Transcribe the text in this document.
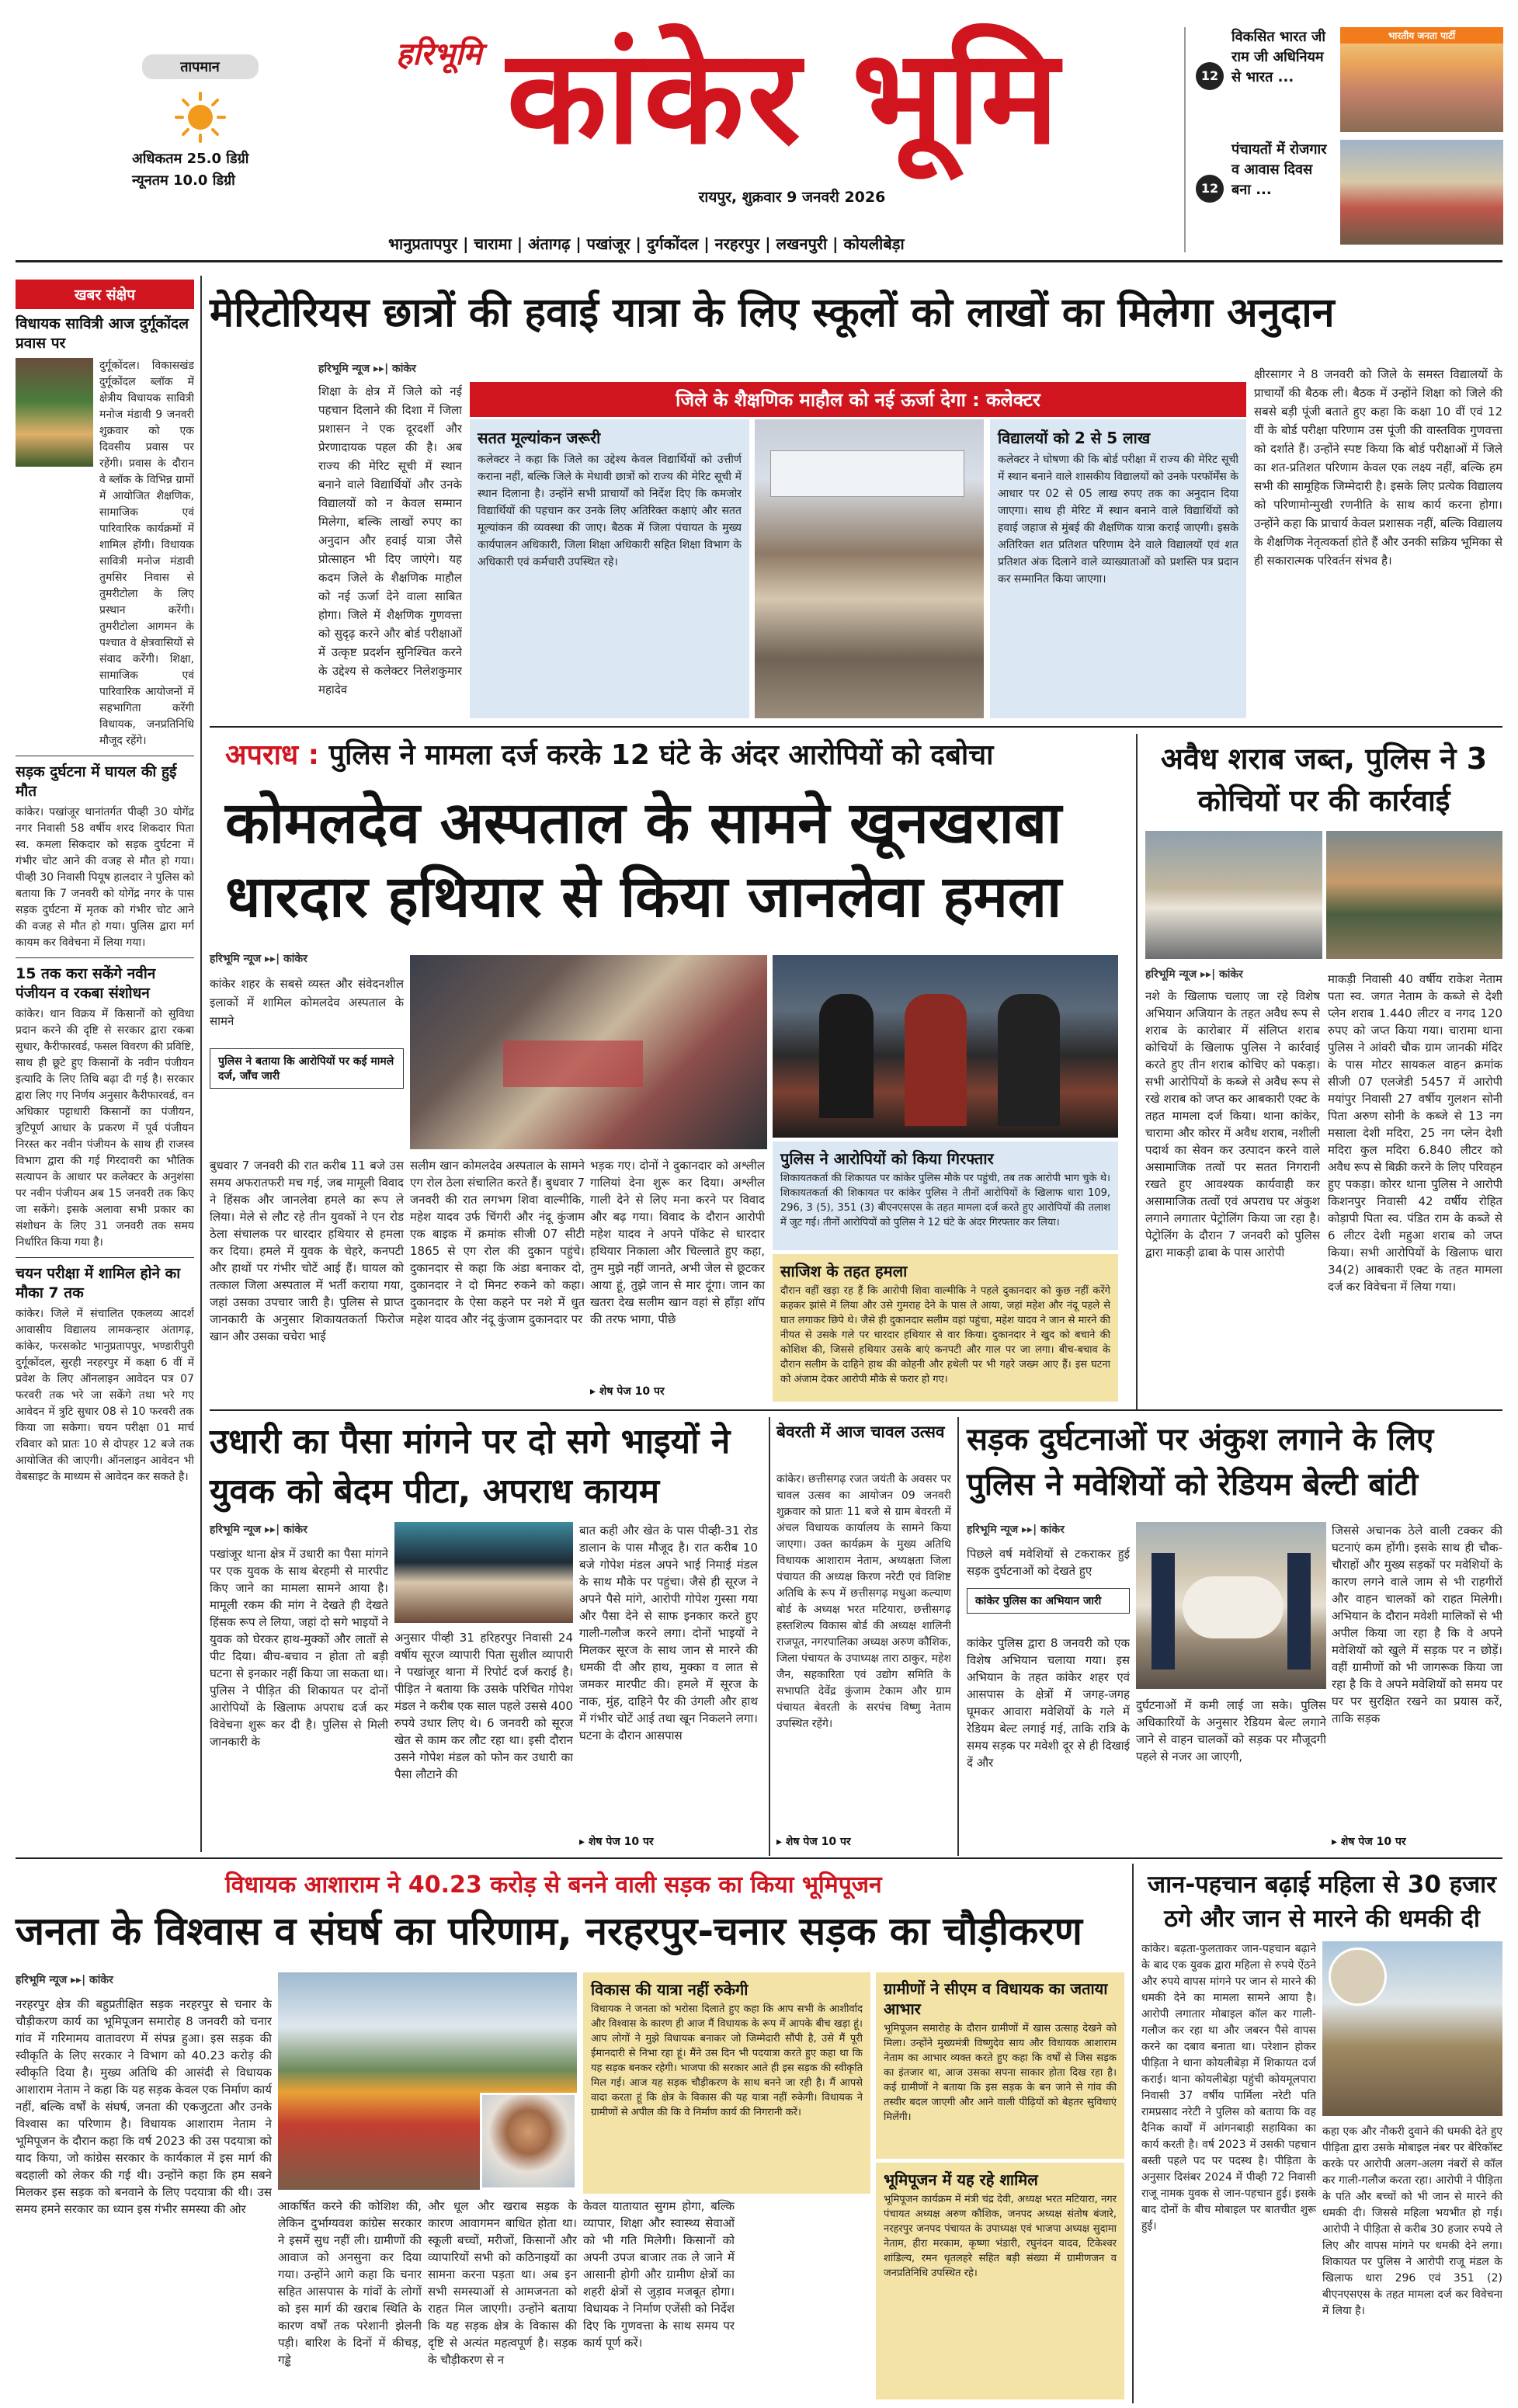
तापमान
अधिकतम 25.0 डिग्री
न्यूनतम 10.0 डिग्री
हरिभूमि कांकेर भूमि
रायपुर, शुक्रवार 9 जनवरी 2026
भानुप्रतापपुर | चारामा | अंतागढ़ | पखांजूर | दुर्गकोंदल | नरहरपुर | लखनपुरी | कोयलीबेड़ा
12
विकसित भारत जी राम जी अधिनियम से भारत ...
भारतीय जनता पार्टी
12
पंचायतों में रोजगार व आवास दिवस बना ...
खबर संक्षेप
विधायक सावित्री आज दुर्गूकोंदल प्रवास पर
दुर्गूकोंदल। विकासखंड दुर्गूकोंदल ब्लॉक में क्षेत्रीय विधायक सावित्री मनोज मंडावी 9 जनवरी शुक्रवार को एक दिवसीय प्रवास पर रहेंगी। प्रवास के दौरान वे ब्लॉक के विभिन्न ग्रामों में आयोजित शैक्षणिक, सामाजिक एवं पारिवारिक कार्यक्रमों में शामिल होंगी। विधायक सावित्री मनोज मंडावी तुमसिर निवास से तुमरीटोला के लिए प्रस्थान करेंगी। तुमरीटोला आगमन के पश्चात वे क्षेत्रवासियों से संवाद करेंगी। शिक्षा, सामाजिक एवं पारिवारिक आयोजनों में सहभागिता करेंगी विधायक, जनप्रतिनिधि मौजूद रहेंगे।
सड़क दुर्घटना में घायल की हुई मौत
कांकेर। पखांजूर थानांतर्गत पीव्ही 30 योगेंद्र नगर निवासी 58 वर्षीय शरद शिकदार पिता स्व. कमला सिकदार को सड़क दुर्घटना में गंभीर चोट आने की वजह से मौत हो गया। पीव्ही 30 निवासी पियूष हालदार ने पुलिस को बताया कि 7 जनवरी को योगेंद्र नगर के पास सड़क दुर्घटना में मृतक को गंभीर चोट आने की वजह से मौत हो गया। पुलिस द्वारा मर्ग कायम कर विवेचना में लिया गया।
15 तक करा सकेंगे नवीन पंजीयन व रकबा संशोधन
कांकेर। धान विक्रय में किसानों को सुविधा प्रदान करने की दृष्टि से सरकार द्वारा रकबा सुधार, कैरीफारवर्ड, फसल विवरण की प्रविष्टि, साथ ही छूटे हुए किसानों के नवीन पंजीयन इत्यादि के लिए तिथि बढ़ा दी गई है। सरकार द्वारा लिए गए निर्णय अनुसार कैरीफारवर्ड, वन अधिकार पट्टाधारी किसानों का पंजीयन, त्रुटिपूर्ण आधार के प्रकरण में पूर्व पंजीयन निरस्त कर नवीन पंजीयन के साथ ही राजस्व विभाग द्वारा की गई गिरदावरी का भौतिक सत्यापन के आधार पर कलेक्टर के अनुशंसा पर नवीन पंजीयन अब 15 जनवरी तक किए जा सकेंगे। इसके अलावा सभी प्रकार का संशोधन के लिए 31 जनवरी तक समय निर्धारित किया गया है।
चयन परीक्षा में शामिल होने का मौका 7 तक
कांकेर। जिले में संचालित एकलव्य आदर्श आवासीय विद्यालय लामकन्हार अंतागढ़, कांकेर, फरसकोट भानुप्रतापपुर, भण्डारीपुरी दुर्गूकोंदल, सुरही नरहरपुर में कक्षा 6 वीं में प्रवेश के लिए ऑनलाइन आवेदन पत्र 07 फरवरी तक भरे जा सकेंगे तथा भरे गए आवेदन में त्रुटि सुधार 08 से 10 फरवरी तक किया जा सकेगा। चयन परीक्षा 01 मार्च रविवार को प्रातः 10 से दोपहर 12 बजे तक आयोजित की जाएगी। ऑनलाइन आवेदन भी वेबसाइट के माध्यम से आवेदन कर सकते है।
मेरिटोरियस छात्रों की हवाई यात्रा के लिए स्कूलों को लाखों का मिलेगा अनुदान
हरिभूमि न्यूज ▸▸| कांकेर
शिक्षा के क्षेत्र में जिले को नई पहचान दिलाने की दिशा में जिला प्रशासन ने एक दूरदर्शी और प्रेरणादायक पहल की है। अब राज्य की मेरिट सूची में स्थान बनाने वाले विद्यार्थियों और उनके विद्यालयों को न केवल सम्मान मिलेगा, बल्कि लाखों रुपए का अनुदान और हवाई यात्रा जैसे प्रोत्साहन भी दिए जाएंगे। यह कदम जिले के शैक्षणिक माहौल को नई ऊर्जा देने वाला साबित होगा। जिले में शैक्षणिक गुणवत्ता को सुदृढ़ करने और बोर्ड परीक्षाओं में उत्कृष्ट प्रदर्शन सुनिश्चित करने के उद्देश्य से कलेक्टर निलेशकुमार महादेव
जिले के शैक्षणिक माहौल को नई ऊर्जा देगा : कलेक्टर
सतत मूल्यांकन जरूरी
कलेक्टर ने कहा कि जिले का उद्देश्य केवल विद्यार्थियों को उत्तीर्ण कराना नहीं, बल्कि जिले के मेधावी छात्रों को राज्य की मेरिट सूची में स्थान दिलाना है। उन्होंने सभी प्राचार्यों को निर्देश दिए कि कमजोर विद्यार्थियों की पहचान कर उनके लिए अतिरिक्त कक्षाएं और सतत मूल्यांकन की व्यवस्था की जाए। बैठक में जिला पंचायत के मुख्य कार्यपालन अधिकारी, जिला शिक्षा अधिकारी सहित शिक्षा विभाग के अधिकारी एवं कर्मचारी उपस्थित रहे।
विद्यालयों को 2 से 5 लाख
कलेक्टर ने घोषणा की कि बोर्ड परीक्षा में राज्य की मेरिट सूची में स्थान बनाने वाले शासकीय विद्यालयों को उनके परफॉर्मेंस के आधार पर 02 से 05 लाख रुपए तक का अनुदान दिया जाएगा। साथ ही मेरिट में स्थान बनाने वाले विद्यार्थियों को हवाई जहाज से मुंबई की शैक्षणिक यात्रा कराई जाएगी। इसके अतिरिक्त शत प्रतिशत परिणाम देने वाले विद्यालयों एवं शत प्रतिशत अंक दिलाने वाले व्याख्याताओं को प्रशस्ति पत्र प्रदान कर सम्मानित किया जाएगा।
क्षीरसागर ने 8 जनवरी को जिले के समस्त विद्यालयों के प्राचार्यों की बैठक ली। बैठक में उन्होंने शिक्षा को जिले की सबसे बड़ी पूंजी बताते हुए कहा कि कक्षा 10 वीं एवं 12 वीं के बोर्ड परीक्षा परिणाम उस पूंजी की वास्तविक गुणवत्ता को दर्शाते हैं। उन्होंने स्पष्ट किया कि बोर्ड परीक्षाओं में जिले का शत-प्रतिशत परिणाम केवल एक लक्ष्य नहीं, बल्कि हम सभी की सामूहिक जिम्मेदारी है। इसके लिए प्रत्येक विद्यालय को परिणामोन्मुखी रणनीति के साथ कार्य करना होगा। उन्होंने कहा कि प्राचार्य केवल प्रशासक नहीं, बल्कि विद्यालय के शैक्षणिक नेतृत्वकर्ता होते हैं और उनकी सक्रिय भूमिका से ही सकारात्मक परिवर्तन संभव है।
अपराध : पुलिस ने मामला दर्ज करके 12 घंटे के अंदर आरोपियों को दबोचा
कोमलदेव अस्पताल के सामने खूनखराबा
धारदार हथियार से किया जानलेवा हमला
हरिभूमि न्यूज ▸▸| कांकेर
कांकेर शहर के सबसे व्यस्त और संवेदनशील इलाकों में शामिल कोमलदेव अस्पताल के सामने
पुलिस ने बताया कि आरोपियों पर कई मामले दर्ज, जाँच जारी
बुधवार 7 जनवरी की रात करीब 11 बजे उस समय अफरातफरी मच गई, जब मामूली विवाद ने हिंसक और जानलेवा हमले का रूप ले लिया। मेले से लौट रहे तीन युवकों ने एन रोड ठेला संचालक पर धारदार हथियार से हमला कर दिया। हमले में युवक के चेहरे, कनपटी और हाथों पर गंभीर चोटें आई हैं। घायल को तत्काल जिला अस्पताल में भर्ती कराया गया, जहां उसका उपचार जारी है। पुलिस से प्राप्त जानकारी के अनुसार शिकायतकर्ता फिरोज खान और उसका चचेरा भाई
सलीम खान कोमलदेव अस्पताल के सामने एग रोल ठेला संचालित करते हैं। बुधवार 7 जनवरी की रात लगभग शिवा वाल्मीकि, महेश यादव उर्फ चिंगरी और नंदू कुंजाम एक बाइक में क्रमांक सीजी 07 सीटी 1865 से एग रोल की दुकान पहुंचे। दुकानदार से कहा कि अंडा बनाकर दो, दुकानदार ने दो मिनट रुकने को कहा। दुकानदार के ऐसा कहने पर नशे में धुत महेश यादव और नंदू कुंजाम दुकानदार पर
भड़क गए। दोनों ने दुकानदार को अश्लील गालियां देना शुरू कर दिया। अश्लील गाली देने से लिए मना करने पर विवाद और बढ़ गया। विवाद के दौरान आरोपी महेश यादव ने अपने पॉकेट से धारदार हथियार निकाला और चिल्लाते हुए कहा, तुम मुझे नहीं जानते, अभी जेल से छूटकर आया हूं, तुझे जान से मार दूंगा। जान का खतरा देख सलीम खान वहां से हाँड़ा शॉप की तरफ भागा, पीछे
▸ शेष पेज 10 पर
पुलिस ने आरोपियों को किया गिरफ्तार
शिकायतकर्ता की शिकायत पर कांकेर पुलिस मौके पर पहुंची, तब तक आरोपी भाग चुके थे। शिकायतकर्ता की शिकायत पर कांकेर पुलिस ने तीनों आरोपियों के खिलाफ धारा 109, 296, 3 (5), 351 (3) बीएनएसएस के तहत मामला दर्ज करते हुए आरोपियों की तलाश में जुट गई। तीनों आरोपियों को पुलिस ने 12 घंटे के अंदर गिरफ्तार कर लिया।
साजिश के तहत हमला
दौरान वहीं खड़ा रह हैं कि आरोपी शिवा वाल्मीकि ने पहले दुकानदार को कुछ नहीं करेंगे कहकर झांसे में लिया और उसे गुमराह देने के पास ले आया, जहां महेश और नंदू पहले से घात लगाकर छिपे थे। जैसे ही दुकानदार सलीम वहां पहुंचा, महेश यादव ने जान से मारने की नीयत से उसके गले पर धारदार हथियार से वार किया। दुकानदार ने खुद को बचाने की कोशिश की, जिससे हथियार उसके बाएं कनपटी और गाल पर जा लगा। बीच-बचाव के दौरान सलीम के दाहिने हाथ की कोहनी और हथेली पर भी गहरे जख्म आए हैं। इस घटना को अंजाम देकर आरोपी मौके से फरार हो गए।
अवैध शराब जब्त, पुलिस ने 3 कोचियों पर की कार्रवाई
हरिभूमि न्यूज ▸▸| कांकेर
नशे के खिलाफ चलाए जा रहे विशेष अभियान अजियान के तहत अवैध रूप से शराब के कारोबार में संलिप्त शराब कोचियों के खिलाफ पुलिस ने कार्रवाई करते हुए तीन शराब कोचिए को पकड़ा। सभी आरोपियों के कब्जे से अवैध रूप से रखे शराब को जप्त कर आबकारी एक्ट के तहत मामला दर्ज किया। थाना कांकेर, चारामा और कोरर में अवैध शराब, नशीली पदार्थ का सेवन कर उत्पादन करने वाले असामाजिक तत्वों पर सतत निगरानी रखते हुए आवश्यक कार्यवाही कर असामाजिक तत्वों एवं अपराध पर अंकुश लगाने लगातार पेट्रोलिंग किया जा रहा है। पेट्रोलिंग के दौरान 7 जनवरी को पुलिस द्वारा माकड़ी ढाबा के पास आरोपी
माकड़ी निवासी 40 वर्षीय राकेश नेताम पता स्व. जगत नेताम के कब्जे से देशी प्लेन शराब 1.440 लीटर व नगद 120 रुपए को जप्त किया गया। चारामा थाना पुलिस ने आंवरी चौक ग्राम जानकी मंदिर के पास मोटर सायकल वाहन क्रमांक सीजी 07 एलजेडी 5457 में आरोपी मयांपुर निवासी 27 वर्षीय गुलशन सोनी पिता अरुण सोनी के कब्जे से 13 नग मसाला देशी मदिरा, 25 नग प्लेन देशी मदिरा कुल मदिरा 6.840 लीटर को अवैध रूप से बिक्री करने के लिए परिवहन हुए पकड़ा। कोरर थाना पुलिस ने आरोपी किशनपुर निवासी 42 वर्षीय रोहित कोड़ापी पिता स्व. पंडित राम के कब्जे से 6 लीटर देशी महुआ शराब को जप्त किया। सभी आरोपियों के खिलाफ धारा 34(2) आबकारी एक्ट के तहत मामला दर्ज कर विवेचना में लिया गया।
उधारी का पैसा मांगने पर दो सगे भाइयों ने युवक को बेदम पीटा, अपराध कायम
हरिभूमि न्यूज ▸▸| कांकेर
पखांजूर थाना क्षेत्र में उधारी का पैसा मांगने पर एक युवक के साथ बेरहमी से मारपीट किए जाने का मामला सामने आया है। मामूली रकम की मांग ने देखते ही देखते हिंसक रूप ले लिया, जहां दो सगे भाइयों ने युवक को घेरकर हाथ-मुक्कों और लातों से पीट दिया। बीच-बचाव न होता तो बड़ी घटना से इनकार नहीं किया जा सकता था। पुलिस ने पीड़ित की शिकायत पर दोनों आरोपियों के खिलाफ अपराध दर्ज कर विवेचना शुरू कर दी है। पुलिस से मिली जानकारी के
अनुसार पीव्ही 31 हरिहरपुर निवासी 24 वर्षीय सूरज व्यापारी पिता सुशील व्यापारी ने पखांजूर थाना में रिपोर्ट दर्ज कराई है। पीड़ित ने बताया कि उसके परिचित गोपेश मंडल ने करीब एक साल पहले उससे 400 रुपये उधार लिए थे। 6 जनवरी को सूरज खेत से काम कर लौट रहा था। इसी दौरान उसने गोपेश मंडल को फोन कर उधारी का पैसा लौटाने की
बात कही और खेत के पास पीव्ही-31 रोड डालान के पास मौजूद है। रात करीब 10 बजे गोपेश मंडल अपने भाई निमाई मंडल के साथ मौके पर पहुंचा। जैसे ही सूरज ने अपने पैसे मांगे, आरोपी गोपेश गुस्सा गया और पैसा देने से साफ इनकार करते हुए गाली-गलौज करने लगा। दोनों भाइयों ने मिलकर सूरज के साथ जान से मारने की धमकी दी और हाथ, मुक्का व लात से जमकर मारपीट की। हमले में सूरज के नाक, मुंह, दाहिने पैर की उंगली और हाथ में गंभीर चोटें आई तथा खून निकलने लगा। घटना के दौरान आसपास
▸ शेष पेज 10 पर
बेवरती में आज चावल उत्सव
कांकेर। छत्तीसगढ़ रजत जयंती के अवसर पर चावल उत्सव का आयोजन 09 जनवरी शुक्रवार को प्रातः 11 बजे से ग्राम बेवरती में अंचल विधायक कार्यालय के सामने किया जाएगा। उक्त कार्यक्रम के मुख्य अतिथि विधायक आशाराम नेताम, अध्यक्षता जिला पंचायत की अध्यक्ष किरण नरेटी एवं विशिष्ट अतिथि के रूप में छत्तीसगढ़ मधुआ कल्याण बोर्ड के अध्यक्ष भरत मटियारा, छत्तीसगढ़ हस्तशिल्प विकास बोर्ड की अध्यक्ष शालिनी राजपूत, नगरपालिका अध्यक्ष अरुण कौशिक, जिला पंचायत के उपाध्यक्ष तारा ठाकुर, महेश जैन, सहकारिता एवं उद्योग समिति के सभापति देवेंद्र कुंजाम टेकाम और ग्राम पंचायत बेवरती के सरपंच विष्णु नेताम उपस्थित रहेंगे।
▸ शेष पेज 10 पर
सड़क दुर्घटनाओं पर अंकुश लगाने के लिए पुलिस ने मवेशियों को रेडियम बेल्टी बांटी
हरिभूमि न्यूज ▸▸| कांकेर
पिछले वर्ष मवेशियों से टकराकर हुई सड़क दुर्घटनाओं को देखते हुए
कांकेर पुलिस का अभियान जारी
कांकेर पुलिस द्वारा 8 जनवरी को एक विशेष अभियान चलाया गया। इस अभियान के तहत कांकेर शहर एवं आसपास के क्षेत्रों में जगह-जगह घूमकर आवारा मवेशियों के गले में रेडियम बेल्ट लगाई गई, ताकि रात्रि के समय सड़क पर मवेशी दूर से ही दिखाई दें और
दुर्घटनाओं में कमी लाई जा सके। पुलिस अधिकारियों के अनुसार रेडियम बेल्ट लगाने जाने से वाहन चालकों को सड़क पर मौजूदगी पहले से नजर आ जाएगी,
जिससे अचानक ठेले वाली टक्कर की घटनाएं कम होंगी। इसके साथ ही चौक-चौराहों और मुख्य सड़कों पर मवेशियों के कारण लगने वाले जाम से भी राहगीरों और वाहन चालकों को राहत मिलेगी। अभियान के दौरान मवेशी मालिकों से भी अपील किया जा रहा है कि वे अपने मवेशियों को खुले में सड़क पर न छोड़ें। वहीं ग्रामीणों को भी जागरूक किया जा रहा है कि वे अपने मवेशियों को समय पर घर पर सुरक्षित रखने का प्रयास करें, ताकि सड़क
▸ शेष पेज 10 पर
विधायक आशाराम ने 40.23 करोड़ से बनने वाली सड़क का किया भूमिपूजन
जनता के विश्वास व संघर्ष का परिणाम, नरहरपुर-चनार सड़क का चौड़ीकरण
हरिभूमि न्यूज ▸▸| कांकेर
नरहरपुर क्षेत्र की बहुप्रतीक्षित सड़क नरहरपुर से चनार के चौड़ीकरण कार्य का भूमिपूजन समारोह 8 जनवरी को चनार गांव में गरिमामय वातावरण में संपन्न हुआ। इस सड़क की स्वीकृति के लिए सरकार ने विभाग को 40.23 करोड़ की स्वीकृति दिया है। मुख्य अतिथि की आसंदी से विधायक आशाराम नेताम ने कहा कि यह सड़क केवल एक निर्माण कार्य नहीं, बल्कि वर्षों के संघर्ष, जनता की एकजुटता और उनके विश्वास का परिणाम है। विधायक आशाराम नेताम ने भूमिपूजन के दौरान कहा कि वर्ष 2023 की उस पदयात्रा को याद किया, जो कांग्रेस सरकार के कार्यकाल में इस मार्ग की बदहाली को लेकर की गई थी। उन्होंने कहा कि हम सबने मिलकर इस सड़क को बनवाने के लिए पदयात्रा की थी। उस समय हमने सरकार का ध्यान इस गंभीर समस्या की ओर	आकर्षित करने की कोशिश की, लेकिन दुर्भाग्यवश कांग्रेस सरकार ने इसमें सुध नहीं ली। ग्रामीणों की आवाज को अनसुना कर दिया गया। उन्होंने आगे कहा कि चनार सहित आसपास के गांवों के लोगों को इस मार्ग की खराब स्थिति के कारण वर्षों तक परेशानी झेलनी पड़ी। बारिश के दिनों में कीचड़, गड्ढे
और धूल और खराब सड़क के कारण आवागमन बाधित होता था। स्कूली बच्चों, मरीजों, किसानों और व्यापारियों सभी को कठिनाइयों का सामना करना पड़ता था। अब इन सभी समस्याओं से आमजनता को राहत मिल जाएगी। उन्होंने बताया कि यह सड़क क्षेत्र के विकास की दृष्टि से अत्यंत महत्वपूर्ण है। सड़क के चौड़ीकरण से न
केवल यातायात सुगम होगा, बल्कि व्यापार, शिक्षा और स्वास्थ्य सेवाओं को भी गति मिलेगी। किसानों को अपनी उपज बाजार तक ले जाने में आसानी होगी और ग्रामीण क्षेत्रों का शहरी क्षेत्रों से जुड़ाव मजबूत होगा। विधायक ने निर्माण एजेंसी को निर्देश दिए कि गुणवत्ता के साथ समय पर कार्य पूर्ण करें।
विकास की यात्रा नहीं रुकेगी
विधायक ने जनता को भरोसा दिलाते हुए कहा कि आप सभी के आशीर्वाद और विश्वास के कारण ही आज मैं विधायक के रूप में आपके बीच खड़ा हूं। आप लोगों ने मुझे विधायक बनाकर जो जिम्मेदारी सौंपी है, उसे मैं पूरी ईमानदारी से निभा रहा हूं। मैंने उस दिन भी पदयात्रा करते हुए कहा था कि यह सड़क बनकर रहेगी। भाजपा की सरकार आते ही इस सड़क की स्वीकृति मिल गई। आज यह सड़क चौड़ीकरण के साथ बनने जा रही है। मैं आपसे वादा करता हूं कि क्षेत्र के विकास की यह यात्रा नहीं रुकेगी। विधायक ने ग्रामीणों से अपील की कि वे निर्माण कार्य की निगरानी करें।
ग्रामीणों ने सीएम व विधायक का जताया आभार
भूमिपूजन समारोह के दौरान ग्रामीणों में खास उत्साह देखने को मिला। उन्होंने मुख्यमंत्री विष्णुदेव साय और विधायक आशाराम नेताम का आभार व्यक्त करते हुए कहा कि वर्षों से जिस सड़क का इंतजार था, आज उसका सपना साकार होता दिख रहा है। कई ग्रामीणों ने बताया कि इस सड़क के बन जाने से गांव की तस्वीर बदल जाएगी और आने वाली पीढ़ियों को बेहतर सुविधाएं मिलेंगी।
भूमिपूजन में यह रहे शामिल
भूमिपूजन कार्यक्रम में मंत्री चंद्र देवी, अध्यक्ष भरत मटियारा, नगर पंचायत अध्यक्ष अरुण कौशिक, जनपद अध्यक्ष संतोष बंजारे, नरहरपुर जनपद पंचायत के उपाध्यक्ष एवं भाजपा अध्यक्ष सुदामा नेताम, हीरा मरकाम, कृष्णा भंडारी, रघुनंदन यादव, टिकेश्वर शांडिल्य, रमन धृतलहरे सहित बड़ी संख्या में ग्रामीणजन व जनप्रतिनिधि उपस्थित रहे।
जान-पहचान बढ़ाई महिला से 30 हजार ठगे और जान से मारने की धमकी दी
कांकेर। बढ़ता-फुलताकर जान-पहचान बढ़ाने के बाद एक युवक द्वारा महिला से रुपये ऐंठने और रुपये वापस मांगने पर जान से मारने की धमकी देने का मामला सामने आया है। आरोपी लगातार मोबाइल कॉल कर गाली-गलौज कर रहा था और जबरन पैसे वापस करने का दबाव बनाता था। परेशान होकर पीड़िता ने थाना कोयलीबेड़ा में शिकायत दर्ज कराई। थाना कोयलीबेड़ा पहुंची कोयमूलपारा निवासी 37 वर्षीय पार्मिला नरेटी पति रामप्रसाद नरेटी ने पुलिस को बताया कि वह दैनिक कार्यों में आंगनबाड़ी सहायिका का कार्य करती है। वर्ष 2023 में उसकी पहचान बस्ती पहले पद पर पदस्थ है। पीड़िता के अनुसार दिसंबर 2024 में पीव्ही 72 निवासी राजू नामक युवक से जान-पहचान हुई। इसके बाद दोनों के बीच मोबाइल पर बातचीत शुरू हुई।
कहा एक और नौकरी दुवाने की धमकी देते हुए पीड़िता द्वारा उसके मोबाइल नंबर पर बेरिकॉस्ट करके पर आरोपी अलग-अलग नंबरों से कॉल कर गाली-गलौज करता रहा। आरोपी ने पीड़िता के पति और बच्चों को भी जान से मारने की धमकी दी। जिससे महिला भयभीत हो गई। आरोपी ने पीड़िता से करीब 30 हजार रुपये ले लिए और वापस मांगने पर धमकी देने लगा। शिकायत पर पुलिस ने आरोपी राजू मंडल के खिलाफ धारा 296 एवं 351 (2) बीएनएसएस के तहत मामला दर्ज कर विवेचना में लिया है।
